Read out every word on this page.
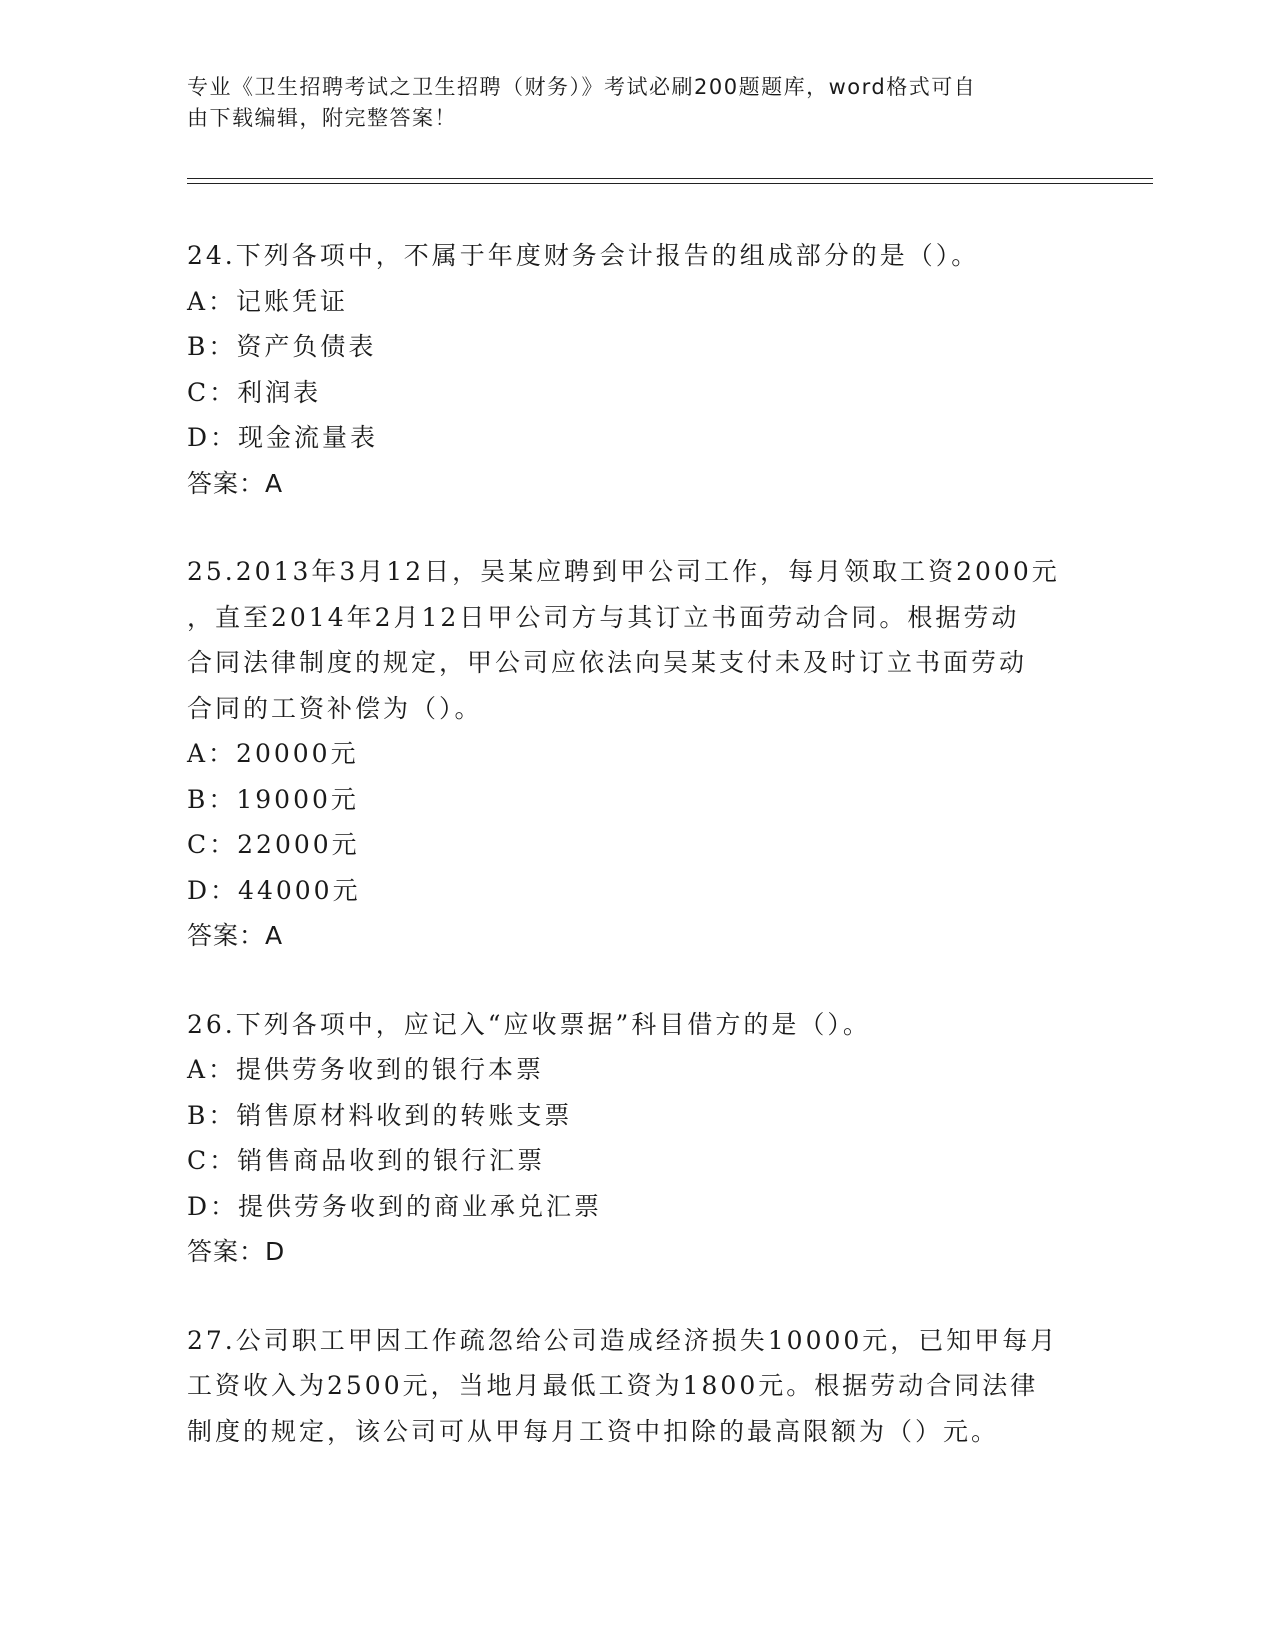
专业《卫生招聘考试之卫生招聘（财务）》考试必刷200题题库，word格式可自
由下载编辑，附完整答案！
24.下列各项中，不属于年度财务会计报告的组成部分的是（）。
A：记账凭证
B：资产负债表
C：利润表
D：现金流量表
答案：A
25.2013年3月12日，吴某应聘到甲公司工作，每月领取工资2000元
，直至2014年2月12日甲公司方与其订立书面劳动合同。根据劳动
合同法律制度的规定，甲公司应依法向吴某支付未及时订立书面劳动
合同的工资补偿为（）。
A：20000元
B：19000元
C：22000元
D：44000元
答案：A
26.下列各项中，应记入“应收票据”科目借方的是（）。
A：提供劳务收到的银行本票
B：销售原材料收到的转账支票
C：销售商品收到的银行汇票
D：提供劳务收到的商业承兑汇票
答案：D
27.公司职工甲因工作疏忽给公司造成经济损失10000元，已知甲每月
工资收入为2500元，当地月最低工资为1800元。根据劳动合同法律
制度的规定，该公司可从甲每月工资中扣除的最高限额为（）元。
